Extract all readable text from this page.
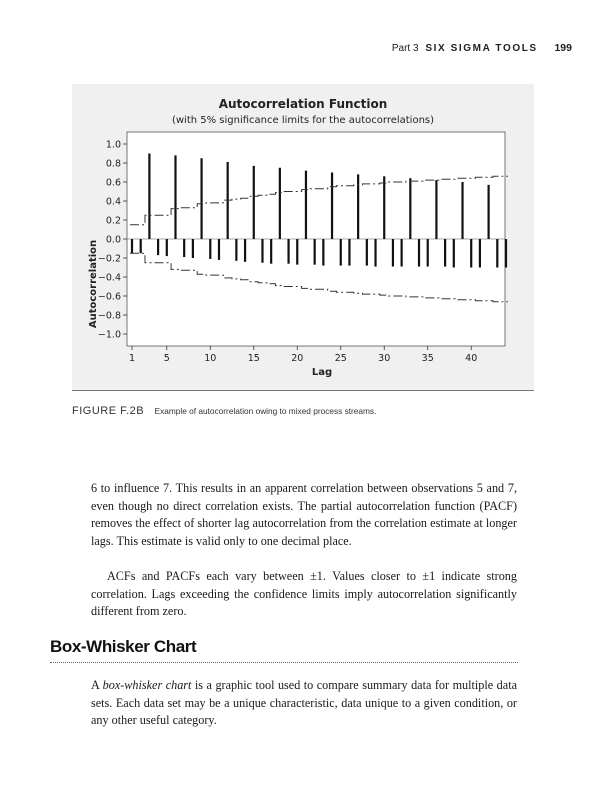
Part 3 SIX SIGMA TOOLS 199
Autocorrelation Function
(with 5% significance limits for the autocorrelations)
Autocorrelation
Lag
1.0
0.8
0.6
0.4
0.2
0.0
−0.2
−0.4
−0.6
−0.8
−1.0
1	5	10	15	20	25	30	35	40
FIGURE F.2B Example of autocorrelation owing to mixed process streams.

6 to influence 7. This results in an apparent correlation between observations 5 and 7, even though no direct correlation exists. The partial autocorrelation function (PACF) removes the effect of shorter lag autocorrelation from the correlation estimate at longer lags. This estimate is valid only to one decimal place.

ACFs and PACFs each vary between ±1. Values closer to ±1 indicate strong correlation. Lags exceeding the confidence limits imply autocorrelation significantly different from zero.

Box-Whisker Chart

A box-whisker chart is a graphic tool used to compare summary data for multiple data sets. Each data set may be a unique characteristic, data unique to a given condition, or any other useful category.
